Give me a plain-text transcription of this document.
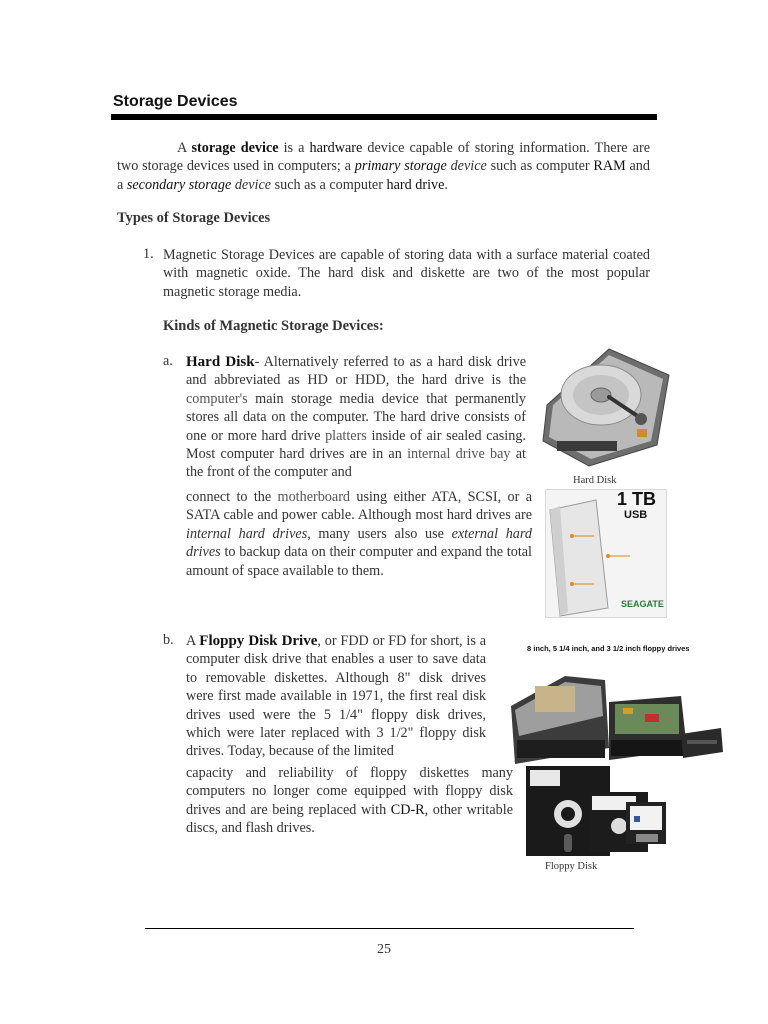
Storage Devices
A storage device is a hardware device capable of storing information. There are two storage devices used in computers; a primary storage device such as computer RAM and a secondary storage device such as a computer hard drive.
Types of Storage Devices
1. Magnetic Storage Devices are capable of storing data with a surface material coated with magnetic oxide. The hard disk and diskette are two of the most popular magnetic storage media.
Kinds of Magnetic Storage Devices:
a. Hard Disk- Alternatively referred to as a hard disk drive and abbreviated as HD or HDD, the hard drive is the computer's main storage media device that permanently stores all data on the computer. The hard drive consists of one or more hard drive platters inside of air sealed casing. Most computer hard drives are in an internal drive bay at the front of the computer and
connect to the motherboard using either ATA, SCSI, or a SATA cable and power cable. Although most hard drives are internal hard drives, many users also use external hard drives to backup data on their computer and expand the total amount of space available to them.
Hard Disk
1 TB
USB
SEAGATE
b. A Floppy Disk Drive, or FDD or FD for short, is a computer disk drive that enables a user to save data to removable diskettes. Although 8" disk drives were first made available in 1971, the first real disk drives used were the 5 1/4" floppy disk drives, which were later replaced with 3 1/2" floppy disk drives. Today, because of the limited
capacity and reliability of floppy diskettes many computers no longer come equipped with floppy disk drives and are being replaced with CD-R, other writable discs, and flash drives.
8 inch, 5 1/4 inch, and 3 1/2 inch floppy drives
Floppy Disk
25
